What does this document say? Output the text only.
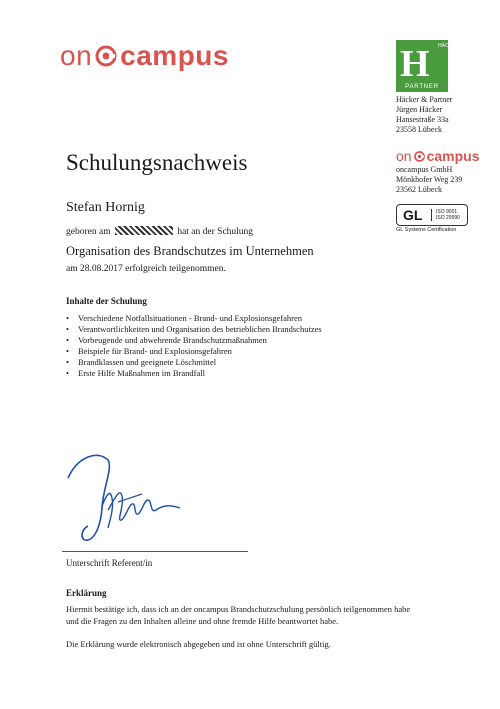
on campus	H HÄCKER
PARTNER
Häcker & Partner
Jürgen Häcker
Hansestraße 33a
23558 Lübeck
on campus
oncampus GmbH
Mönkhofer Weg 239
23562 Lübeck
GL	ISO 9001
ISO 29990
GL Systems Certification
Schulungsnachweis
Stefan Hornig
geboren am	hat an der Schulung
Organisation des Brandschutzes im Unternehmen
am 28.08.2017 erfolgreich teilgenommen.
Inhalte der Schulung
• Verschiedene Notfallsituationen - Brand- und Explosionsgefahren
• Verantwortlichkeiten und Organisation des betrieblichen Brandschutzes
• Vorbeugende und abwehrende Brandschutzmaßnahmen
• Beispiele für Brand- und Explosionsgefahren
• Brandklassen und geeignete Löschmittel
• Erste Hilfe Maßnahmen im Brandfall
Unterschrift Referent/in
Erklärung
Hiermit bestätige ich, dass ich an der oncampus Brandschutzschulung persönlich teilgenommen habe
und die Fragen zu den Inhalten alleine und ohne fremde Hilfe beantwortet habe.
Die Erklärung wurde elektronisch abgegeben und ist ohne Unterschrift gültig.
